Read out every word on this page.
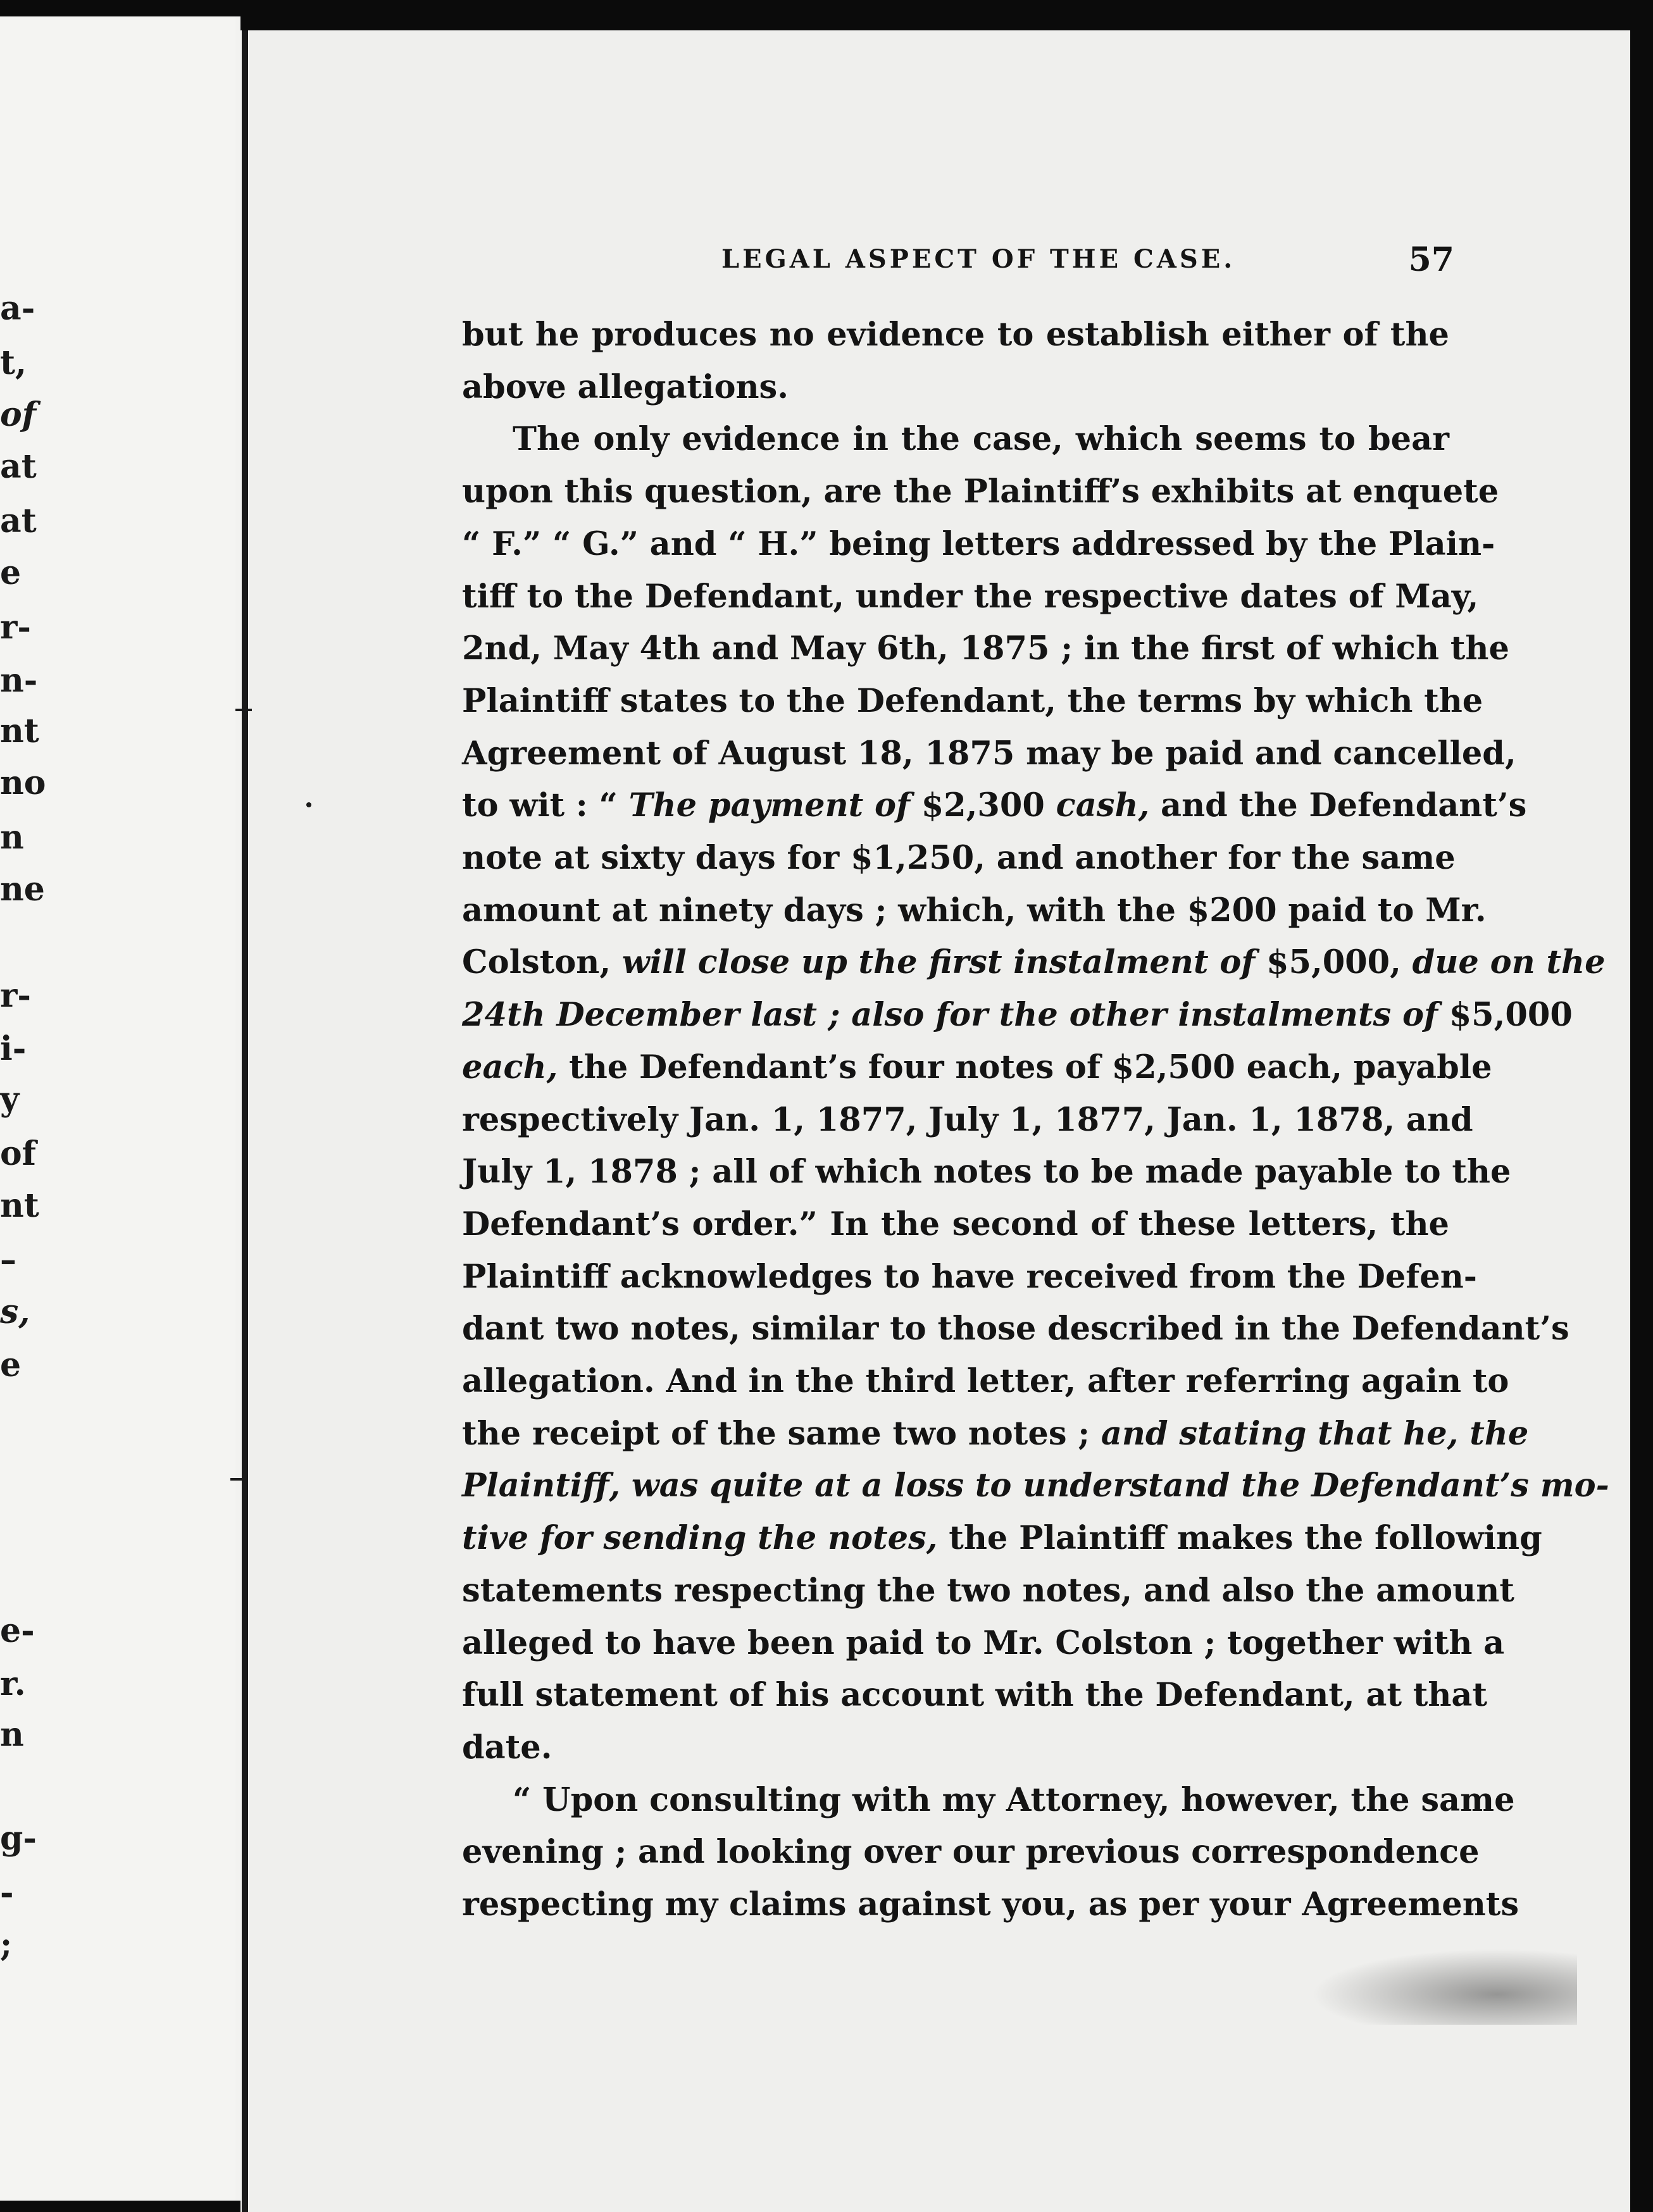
a-
t,
of
at
at
e
r-
n-
nt
no
n
ne
r-
i-
y
of
nt
–
s,
e
e-
r.
n
g-
-
;
LEGAL ASPECT OF THE CASE.	57
but he produces no evidence to establish either of the
above allegations.
The only evidence in the case, which seems to bear
upon this question, are the Plaintiff’s exhibits at enquete
“ F.” “ G.” and “ H.” being letters addressed by the Plain-
tiff to the Defendant, under the respective dates of May,
2nd, May 4th and May 6th, 1875 ; in the first of which the
Plaintiff states to the Defendant, the terms by which the
Agreement of August 18, 1875 may be paid and cancelled,
to wit : “ The payment of $2,300 cash, and the Defendant’s
note at sixty days for $1,250, and another for the same
amount at ninety days ; which, with the $200 paid to Mr.
Colston, will close up the first instalment of $5,000, due on the
24th December last ; also for the other instalments of $5,000
each, the Defendant’s four notes of $2,500 each, payable
respectively Jan. 1, 1877, July 1, 1877, Jan. 1, 1878, and
July 1, 1878 ; all of which notes to be made payable to the
Defendant’s order.” In the second of these letters, the
Plaintiff acknowledges to have received from the Defen-
dant two notes, similar to those described in the Defendant’s
allegation. And in the third letter, after referring again to
the receipt of the same two notes ; and stating that he, the
Plaintiff, was quite at a loss to understand the Defendant’s mo-
tive for sending the notes, the Plaintiff makes the following
statements respecting the two notes, and also the amount
alleged to have been paid to Mr. Colston ; together with a
full statement of his account with the Defendant, at that
date.
“ Upon consulting with my Attorney, however, the same
evening ; and looking over our previous correspondence
respecting my claims against you, as per your Agreements
